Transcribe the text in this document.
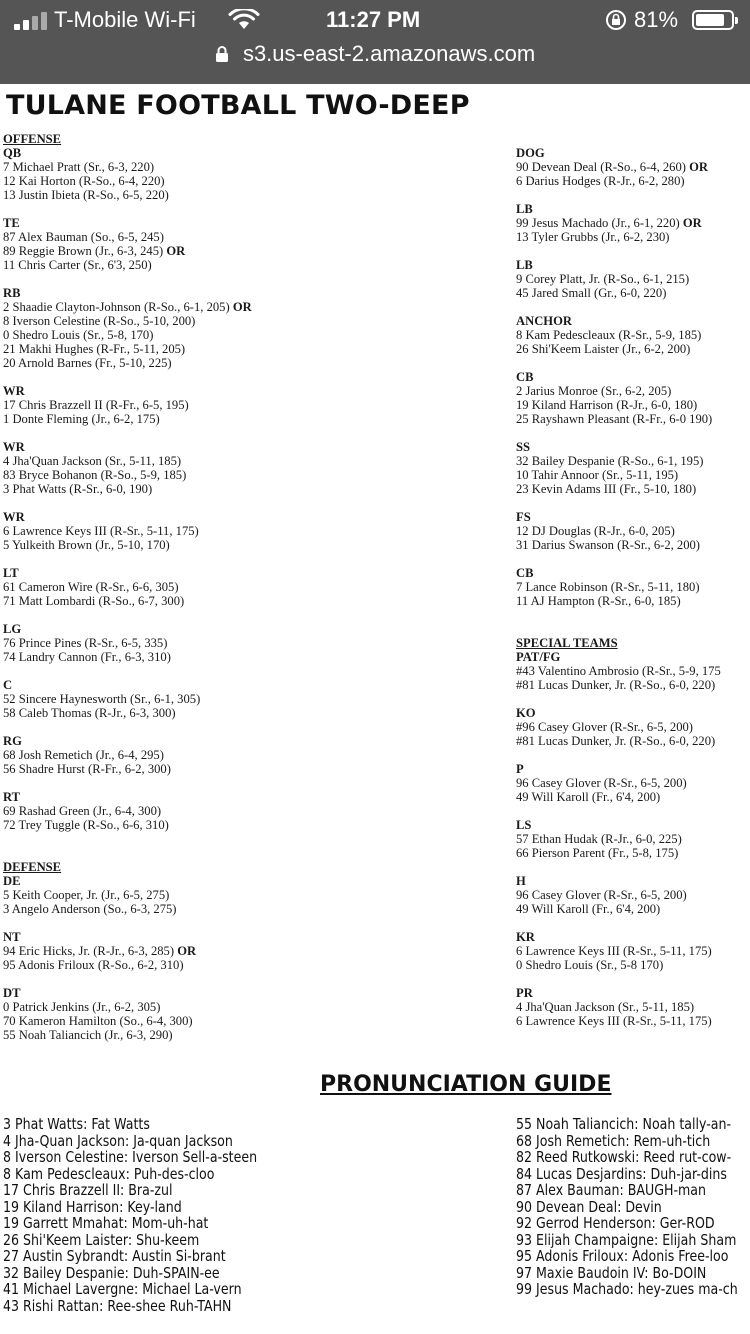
T-Mobile Wi-Fi	11:27 PM	81%
s3.us-east-2.amazonaws.com
TULANE FOOTBALL TWO-DEEP
OFFENSE
QB
7 Michael Pratt (Sr., 6-3, 220)
12 Kai Horton (R-So., 6-4, 220)
13 Justin Ibieta (R-So., 6-5, 220)
TE
87 Alex Bauman (So., 6-5, 245)
89 Reggie Brown (Jr., 6-3, 245) OR
11 Chris Carter (Sr., 6'3, 250)
RB
2 Shaadie Clayton-Johnson (R-So., 6-1, 205) OR
8 Iverson Celestine (R-So., 5-10, 200)
0 Shedro Louis (Sr., 5-8, 170)
21 Makhi Hughes (R-Fr., 5-11, 205)
20 Arnold Barnes (Fr., 5-10, 225)
WR
17 Chris Brazzell II (R-Fr., 6-5, 195)
1 Donte Fleming (Jr., 6-2, 175)
WR
4 Jha'Quan Jackson (Sr., 5-11, 185)
83 Bryce Bohanon (R-So., 5-9, 185)
3 Phat Watts (R-Sr., 6-0, 190)
WR
6 Lawrence Keys III (R-Sr., 5-11, 175)
5 Yulkeith Brown (Jr., 5-10, 170)
LT
61 Cameron Wire (R-Sr., 6-6, 305)
71 Matt Lombardi (R-So., 6-7, 300)
LG
76 Prince Pines (R-Sr., 6-5, 335)
74 Landry Cannon (Fr., 6-3, 310)
C
52 Sincere Haynesworth (Sr., 6-1, 305)
58 Caleb Thomas (R-Jr., 6-3, 300)
RG
68 Josh Remetich (Jr., 6-4, 295)
56 Shadre Hurst (R-Fr., 6-2, 300)
RT
69 Rashad Green (Jr., 6-4, 300)
72 Trey Tuggle (R-So., 6-6, 310)
DEFENSE
DE
5 Keith Cooper, Jr. (Jr., 6-5, 275)
3 Angelo Anderson (So., 6-3, 275)
NT
94 Eric Hicks, Jr. (R-Jr., 6-3, 285) OR
95 Adonis Friloux (R-So., 6-2, 310)
DT
0 Patrick Jenkins (Jr., 6-2, 305)
70 Kameron Hamilton (So., 6-4, 300)
55 Noah Taliancich (Jr., 6-3, 290)
DOG
90 Devean Deal (R-So., 6-4, 260) OR
6 Darius Hodges (R-Jr., 6-2, 280)
LB
99 Jesus Machado (Jr., 6-1, 220) OR
13 Tyler Grubbs (Jr., 6-2, 230)
LB
9 Corey Platt, Jr. (R-So., 6-1, 215)
45 Jared Small (Gr., 6-0, 220)
ANCHOR
8 Kam Pedescleaux (R-Sr., 5-9, 185)
26 Shi'Keem Laister (Jr., 6-2, 200)
CB
2 Jarius Monroe (Sr., 6-2, 205)
19 Kiland Harrison (R-Jr., 6-0, 180)
25 Rayshawn Pleasant (R-Fr., 6-0 190)
SS
32 Bailey Despanie (R-So., 6-1, 195)
10 Tahir Annoor (Sr., 5-11, 195)
23 Kevin Adams III (Fr., 5-10, 180)
FS
12 DJ Douglas (R-Jr., 6-0, 205)
31 Darius Swanson (R-Sr., 6-2, 200)
CB
7 Lance Robinson (R-Sr., 5-11, 180)
11 AJ Hampton (R-Sr., 6-0, 185)
SPECIAL TEAMS
PAT/FG
#43 Valentino Ambrosio (R-Sr., 5-9, 175
#81 Lucas Dunker, Jr. (R-So., 6-0, 220)
KO
#96 Casey Glover (R-Sr., 6-5, 200)
#81 Lucas Dunker, Jr. (R-So., 6-0, 220)
P
96 Casey Glover (R-Sr., 6-5, 200)
49 Will Karoll (Fr., 6'4, 200)
LS
57 Ethan Hudak (R-Jr., 6-0, 225)
66 Pierson Parent (Fr., 5-8, 175)
H
96 Casey Glover (R-Sr., 6-5, 200)
49 Will Karoll (Fr., 6'4, 200)
KR
6 Lawrence Keys III (R-Sr., 5-11, 175)
0 Shedro Louis (Sr., 5-8 170)
PR
4 Jha'Quan Jackson (Sr., 5-11, 185)
6 Lawrence Keys III (R-Sr., 5-11, 175)
PRONUNCIATION GUIDE
3 Phat Watts: Fat Watts
4 Jha-Quan Jackson: Ja-quan Jackson
8 Iverson Celestine: Iverson Sell-a-steen
8 Kam Pedescleaux: Puh-des-cloo
17 Chris Brazzell II: Bra-zul
19 Kiland Harrison: Key-land
19 Garrett Mmahat: Mom-uh-hat
26 Shi'Keem Laister: Shu-keem
27 Austin Sybrandt: Austin Si-brant
32 Bailey Despanie: Duh-SPAIN-ee
41 Michael Lavergne: Michael La-vern
43 Rishi Rattan: Ree-shee Ruh-TAHN
55 Noah Taliancich: Noah tally-an-
68 Josh Remetich: Rem-uh-tich
82 Reed Rutkowski: Reed rut-cow-
84 Lucas Desjardins: Duh-jar-dins
87 Alex Bauman: BAUGH-man
90 Devean Deal: Devin
92 Gerrod Henderson: Ger-ROD
93 Elijah Champaigne: Elijah Sham
95 Adonis Friloux: Adonis Free-loo
97 Maxie Baudoin IV: Bo-DOIN
99 Jesus Machado: hey-zues ma-ch
